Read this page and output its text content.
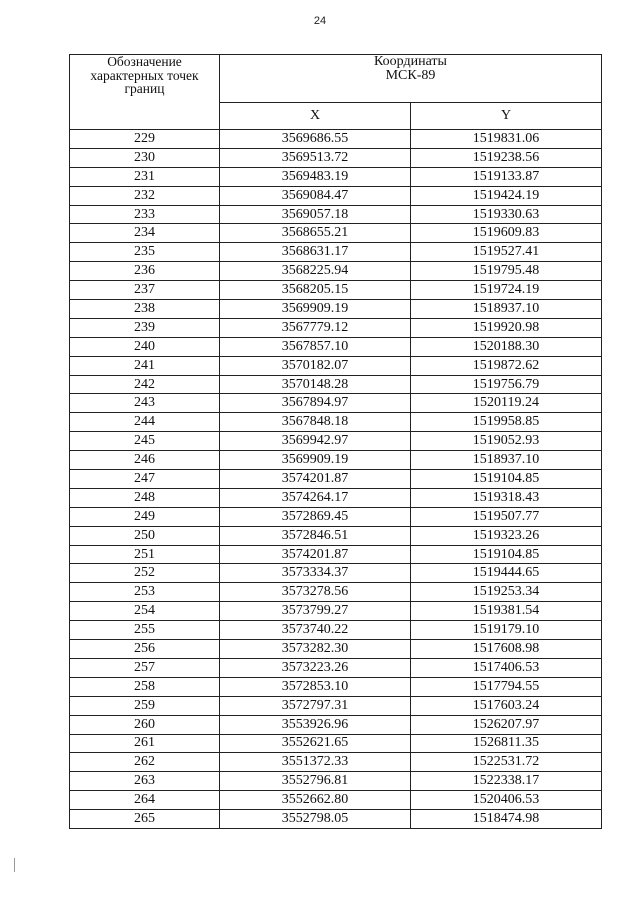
24
Обозначение характерных точек границ	Координаты
МСК-89	
	X	Y
229	3569686.55	1519831.06
230	3569513.72	1519238.56
231	3569483.19	1519133.87
232	3569084.47	1519424.19
233	3569057.18	1519330.63
234	3568655.21	1519609.83
235	3568631.17	1519527.41
236	3568225.94	1519795.48
237	3568205.15	1519724.19
238	3569909.19	1518937.10
239	3567779.12	1519920.98
240	3567857.10	1520188.30
241	3570182.07	1519872.62
242	3570148.28	1519756.79
243	3567894.97	1520119.24
244	3567848.18	1519958.85
245	3569942.97	1519052.93
246	3569909.19	1518937.10
247	3574201.87	1519104.85
248	3574264.17	1519318.43
249	3572869.45	1519507.77
250	3572846.51	1519323.26
251	3574201.87	1519104.85
252	3573334.37	1519444.65
253	3573278.56	1519253.34
254	3573799.27	1519381.54
255	3573740.22	1519179.10
256	3573282.30	1517608.98
257	3573223.26	1517406.53
258	3572853.10	1517794.55
259	3572797.31	1517603.24
260	3553926.96	1526207.97
261	3552621.65	1526811.35
262	3551372.33	1522531.72
263	3552796.81	1522338.17
264	3552662.80	1520406.53
265	3552798.05	1518474.98
